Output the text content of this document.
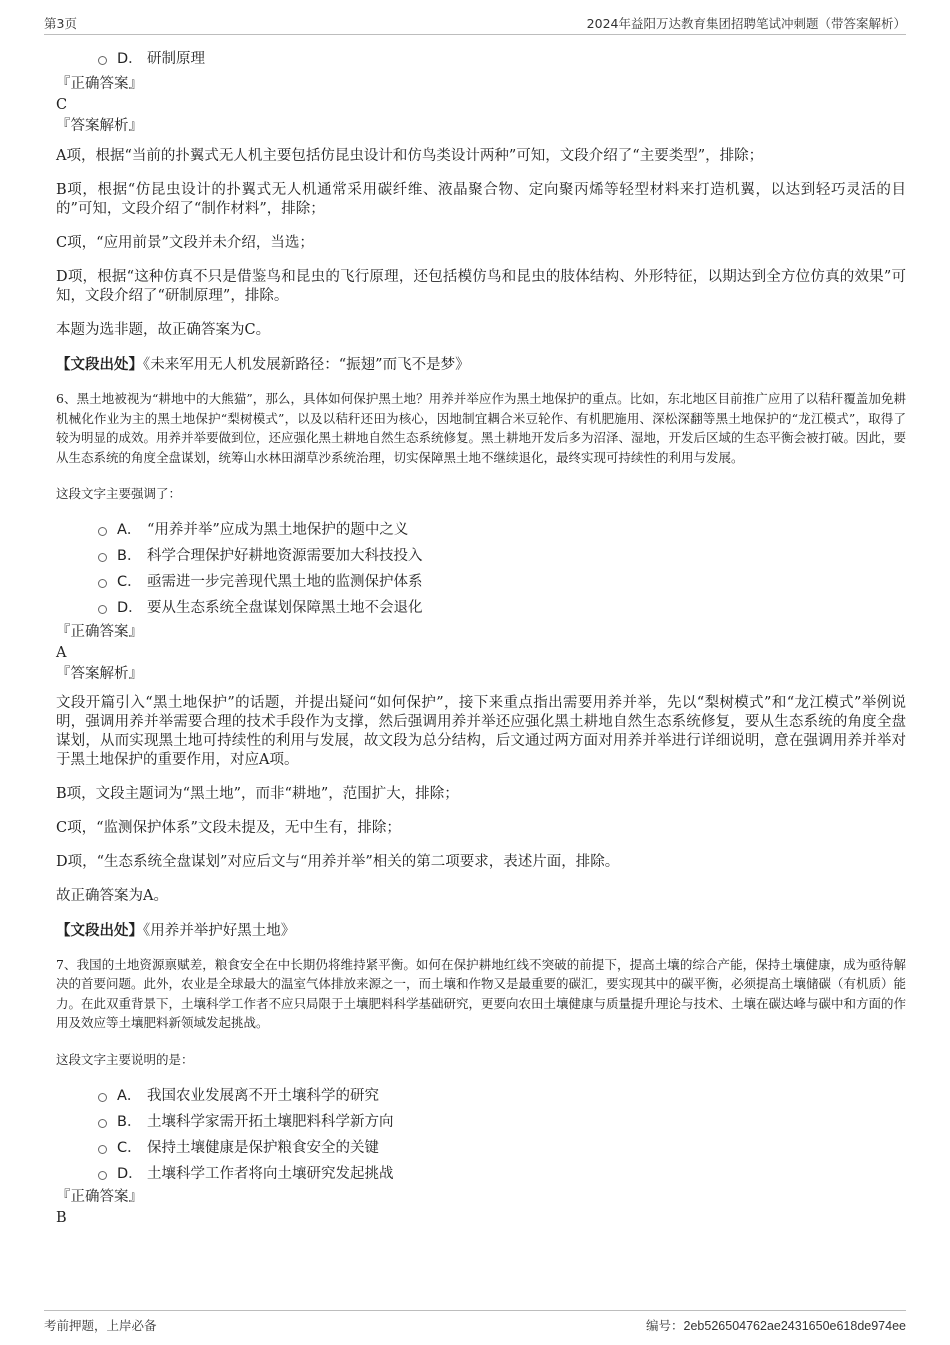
第3页	2024年益阳万达教育集团招聘笔试冲刺题（带答案解析）
D． 研制原理
『正确答案』
C
『答案解析』

A项，根据“当前的扑翼式无人机主要包括仿昆虫设计和仿鸟类设计两种”可知，文段介绍了“主要类型”，排除；

B项，根据“仿昆虫设计的扑翼式无人机通常采用碳纤维、液晶聚合物、定向聚丙烯等轻型材料来打造机翼，以达到轻巧灵活的目的”可知，文段介绍了“制作材料”，排除；

C项，“应用前景”文段并未介绍，当选；

D项，根据“这种仿真不只是借鉴鸟和昆虫的飞行原理，还包括模仿鸟和昆虫的肢体结构、外形特征，以期达到全方位仿真的效果”可知，文段介绍了“研制原理”，排除。

本题为选非题，故正确答案为C。

【文段出处】《未来军用无人机发展新路径：“振翅”而飞不是梦》

6、黑土地被视为“耕地中的大熊猫”，那么，具体如何保护黑土地？用养并举应作为黑土地保护的重点。比如，东北地区目前推广应用了以秸秆覆盖加免耕机械化作业为主的黑土地保护“梨树模式”，以及以秸秆还田为核心，因地制宜耦合米豆轮作、有机肥施用、深松深翻等黑土地保护的“龙江模式”，取得了较为明显的成效。用养并举要做到位，还应强化黑土耕地自然生态系统修复。黑土耕地开发后多为沼泽、湿地，开发后区域的生态平衡会被打破。因此，要从生态系统的角度全盘谋划，统筹山水林田湖草沙系统治理，切实保障黑土地不继续退化，最终实现可持续性的利用与发展。

这段文字主要强调了：

A． “用养并举”应成为黑土地保护的题中之义
B． 科学合理保护好耕地资源需要加大科技投入
C． 亟需进一步完善现代黑土地的监测保护体系
D． 要从生态系统全盘谋划保障黑土地不会退化
『正确答案』
A
『答案解析』

文段开篇引入“黑土地保护”的话题，并提出疑问“如何保护”，接下来重点指出需要用养并举，先以“梨树模式”和“龙江模式”举例说明，强调用养并举需要合理的技术手段作为支撑，然后强调用养并举还应强化黑土耕地自然生态系统修复，要从生态系统的角度全盘谋划，从而实现黑土地可持续性的利用与发展，故文段为总分结构，后文通过两方面对用养并举进行详细说明，意在强调用养并举对于黑土地保护的重要作用，对应A项。

B项，文段主题词为“黑土地”，而非“耕地”，范围扩大，排除；

C项，“监测保护体系”文段未提及，无中生有，排除；

D项，“生态系统全盘谋划”对应后文与“用养并举”相关的第二项要求，表述片面，排除。

故正确答案为A。

【文段出处】《用养并举护好黑土地》

7、我国的土地资源禀赋差，粮食安全在中长期仍将维持紧平衡。如何在保护耕地红线不突破的前提下，提高土壤的综合产能，保持土壤健康，成为亟待解决的首要问题。此外，农业是全球最大的温室气体排放来源之一，而土壤和作物又是最重要的碳汇，要实现其中的碳平衡，必须提高土壤储碳（有机质）能力。在此双重背景下，土壤科学工作者不应只局限于土壤肥料科学基础研究，更要向农田土壤健康与质量提升理论与技术、土壤在碳达峰与碳中和方面的作用及效应等土壤肥料新领域发起挑战。

这段文字主要说明的是：

A． 我国农业发展离不开土壤科学的研究
B． 土壤科学家需开拓土壤肥料科学新方向
C． 保持土壤健康是保护粮食安全的关键
D． 土壤科学工作者将向土壤研究发起挑战
『正确答案』
B
考前押题，上岸必备	编号：2eb526504762ae2431650e618de974ee
